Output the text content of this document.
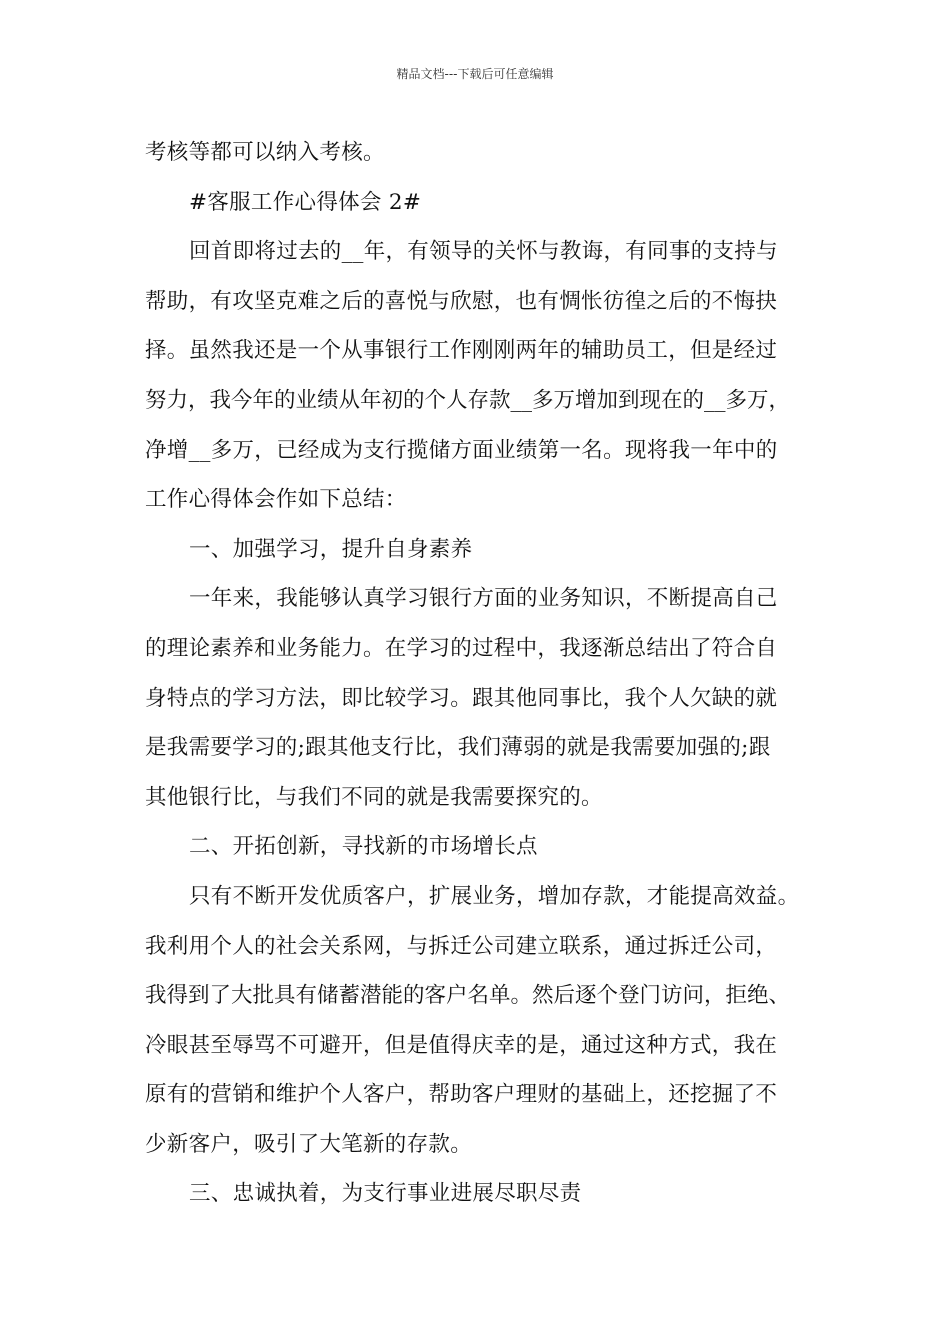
精品文档---下载后可任意编辑
考核等都可以纳入考核。
#客服工作心得体会 2#
回首即将过去的__年，有领导的关怀与教诲，有同事的支持与
帮助，有攻坚克难之后的喜悦与欣慰，也有惆怅彷徨之后的不悔抉
择。虽然我还是一个从事银行工作刚刚两年的辅助员工，但是经过
努力，我今年的业绩从年初的个人存款__多万增加到现在的__多万，
净增__多万，已经成为支行揽储方面业绩第一名。现将我一年中的
工作心得体会作如下总结：
一、加强学习，提升自身素养
一年来，我能够认真学习银行方面的业务知识，不断提高自己
的理论素养和业务能力。在学习的过程中，我逐渐总结出了符合自
身特点的学习方法，即比较学习。跟其他同事比，我个人欠缺的就
是我需要学习的;跟其他支行比，我们薄弱的就是我需要加强的;跟
其他银行比，与我们不同的就是我需要探究的。
二、开拓创新，寻找新的市场增长点
只有不断开发优质客户，扩展业务，增加存款，才能提高效益。
我利用个人的社会关系网，与拆迁公司建立联系，通过拆迁公司，
我得到了大批具有储蓄潜能的客户名单。然后逐个登门访问，拒绝、
冷眼甚至辱骂不可避开，但是值得庆幸的是，通过这种方式，我在
原有的营销和维护个人客户，帮助客户理财的基础上，还挖掘了不
少新客户，吸引了大笔新的存款。
三、忠诚执着，为支行事业进展尽职尽责
